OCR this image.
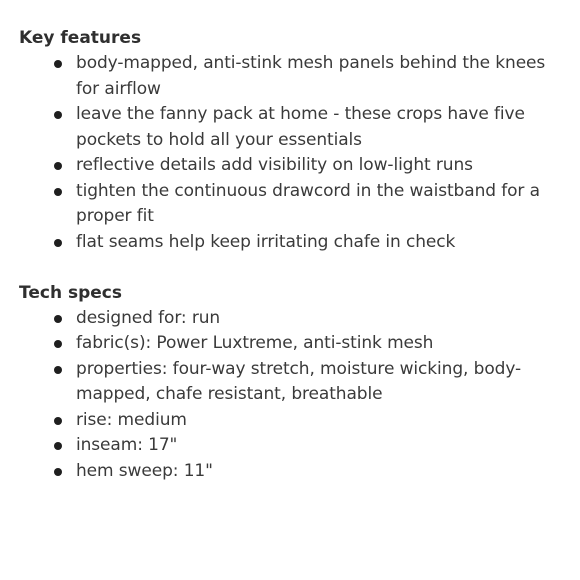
Key features
body-mapped, anti-stink mesh panels behind the knees for airflow
leave the fanny pack at home - these crops have five pockets to hold all your essentials
reflective details add visibility on low-light runs
tighten the continuous drawcord in the waistband for a proper fit
flat seams help keep irritating chafe in check
Tech specs
designed for: run
fabric(s): Power Luxtreme, anti-stink mesh
properties: four-way stretch, moisture wicking, body-mapped, chafe resistant, breathable
rise: medium
inseam: 17"
hem sweep: 11"
